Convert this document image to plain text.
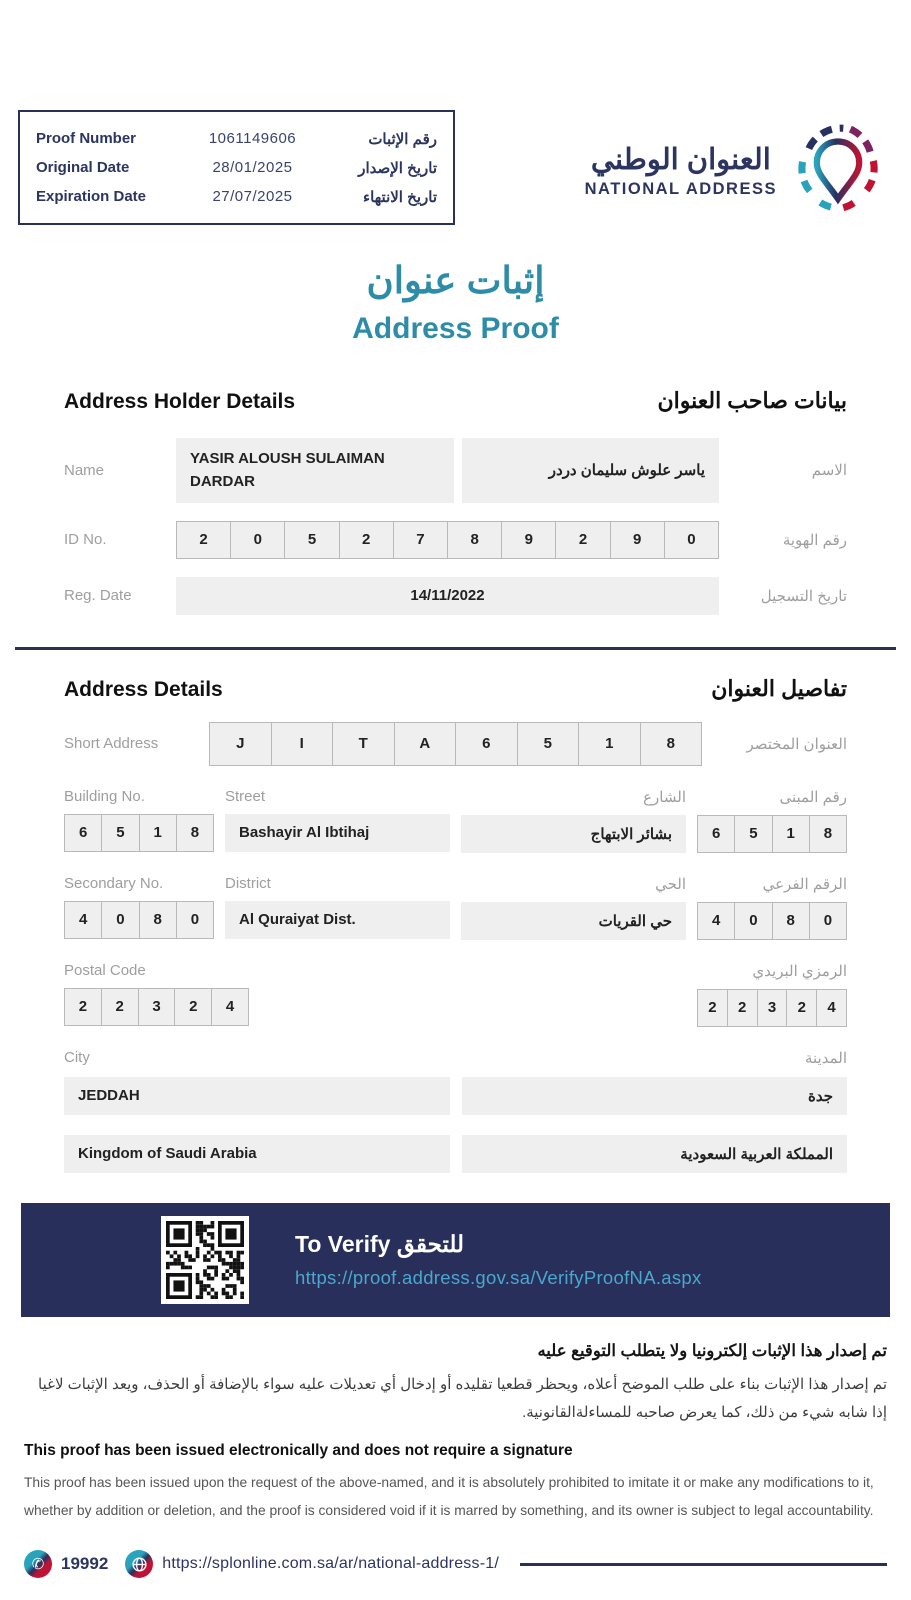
Proof Number	1061149606	رقم الإثبات
Original Date	28/01/2025	تاريخ الإصدار
Expiration Date	27/07/2025	تاريخ الانتهاء
العنوان الوطني
NATIONAL ADDRESS
إثبات عنوان
Address Proof
Address Holder Details	بيانات صاحب العنوان
Name
YASIR ALOUSH SULAIMAN DARDAR
ياسر علوش سليمان دردر	الاسم
ID No.	2	0	5	2	7	8	9	2	9	0	رقم الهوية
Reg. Date	14/11/2022	تاريخ التسجيل
Address Details	تفاصيل العنوان
Short Address	J	I	T	A	6	5	1	8	العنوان المختصر
Building No.
6	5	1	8
Street
Bashayir Al Ibtihaj
الشارع
بشائر الابتهاج
رقم المبنى
6	5	1	8
Secondary No.
4	0	8	0
District
Al Quraiyat Dist.
الحي
حي القريات
الرقم الفرعي
4	0	8	0
Postal Code
2	2	3	2	4
الرمزي البريدي
2	2	3	2	4
City	المدينة
JEDDAH	جدة
Kingdom of Saudi Arabia	المملكة العربية السعودية
To Verify للتحقق
https://proof.address.gov.sa/VerifyProofNA.aspx
تم إصدار هذا الإثبات إلكترونيا ولا يتطلب التوقيع عليه
تم إصدار هذا الإثبات بناء على طلب الموضح أعلاه، ويحظر قطعيا تقليده أو إدخال أي تعديلات عليه سواء بالإضافة أو الحذف، ويعد الإثبات لاغيا إذا شابه شيء من ذلك، كما يعرض صاحبه للمساءلةالقانونية.
This proof has been issued electronically and does not require a signature
This proof has been issued upon the request of the above-named, and it is absolutely prohibited to imitate it or make any modifications to it, whether by addition or deletion, and the proof is considered void if it is marred by something, and its owner is subject to legal accountability.
✆ 19992	https://splonline.com.sa/ar/national-address-1/
